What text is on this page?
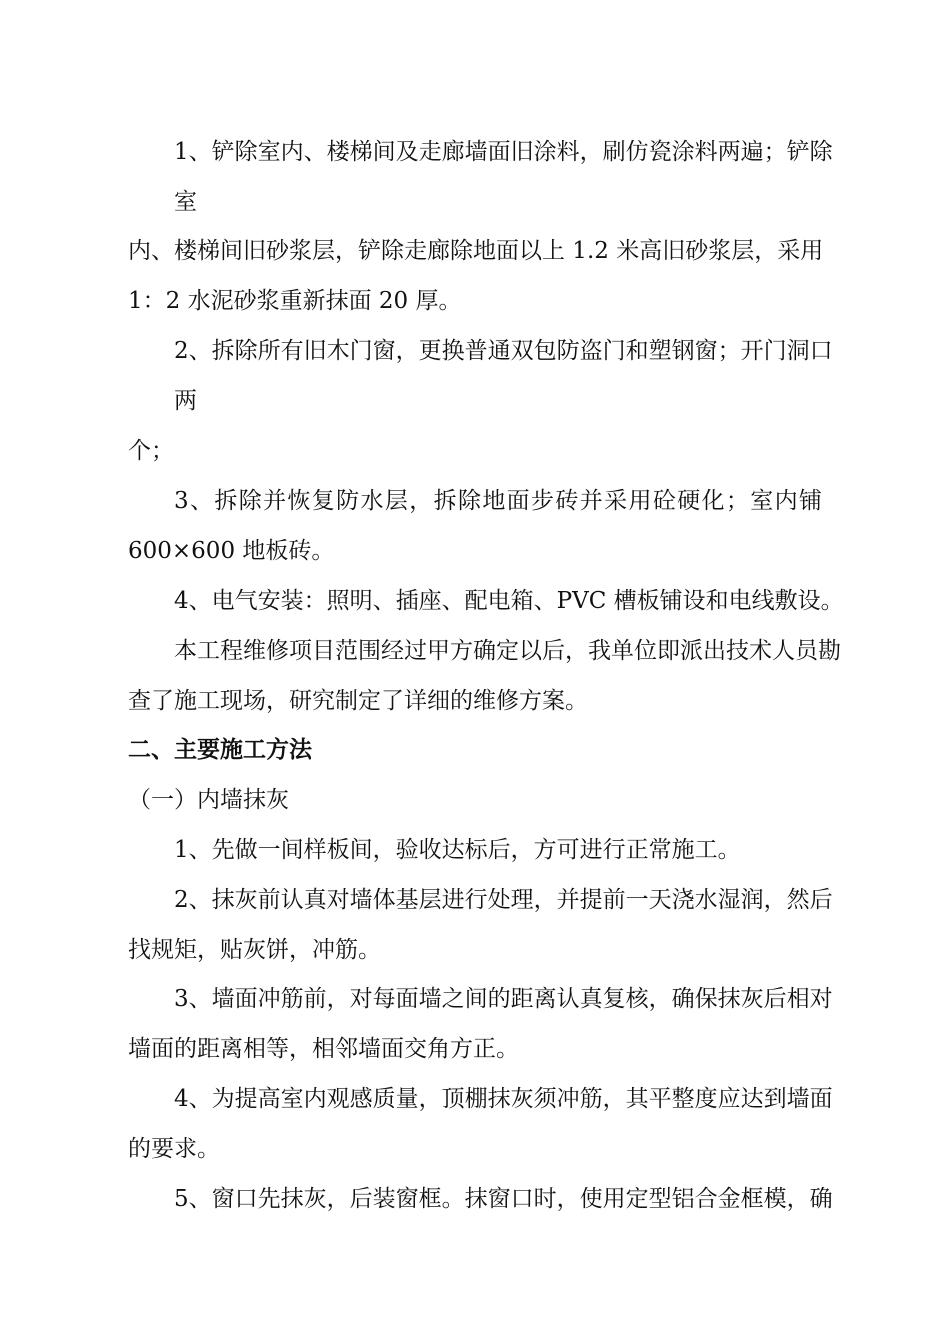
1、铲除室内、楼梯间及走廊墙面旧涂料，刷仿瓷涂料两遍；铲除
室
内、楼梯间旧砂浆层，铲除走廊除地面以上 1.2 米高旧砂浆层，采用
1：2 水泥砂浆重新抹面 20 厚。
2、拆除所有旧木门窗，更换普通双包防盗门和塑钢窗；开门洞口
两
个；
3、拆除并恢复防水层，拆除地面步砖并采用砼硬化；室内铺
600×600 地板砖。
4、电气安装：照明、插座、配电箱、PVC 槽板铺设和电线敷设。
本工程维修项目范围经过甲方确定以后，我单位即派出技术人员勘
查了施工现场，研究制定了详细的维修方案。
二、主要施工方法
（一）内墙抹灰
1、先做一间样板间，验收达标后，方可进行正常施工。
2、抹灰前认真对墙体基层进行处理，并提前一天浇水湿润，然后
找规矩，贴灰饼，冲筋。
3、墙面冲筋前，对每面墙之间的距离认真复核，确保抹灰后相对
墙面的距离相等，相邻墙面交角方正。
4、为提高室内观感质量，顶棚抹灰须冲筋，其平整度应达到墙面
的要求。
5、窗口先抹灰，后装窗框。抹窗口时，使用定型铝合金框模，确
